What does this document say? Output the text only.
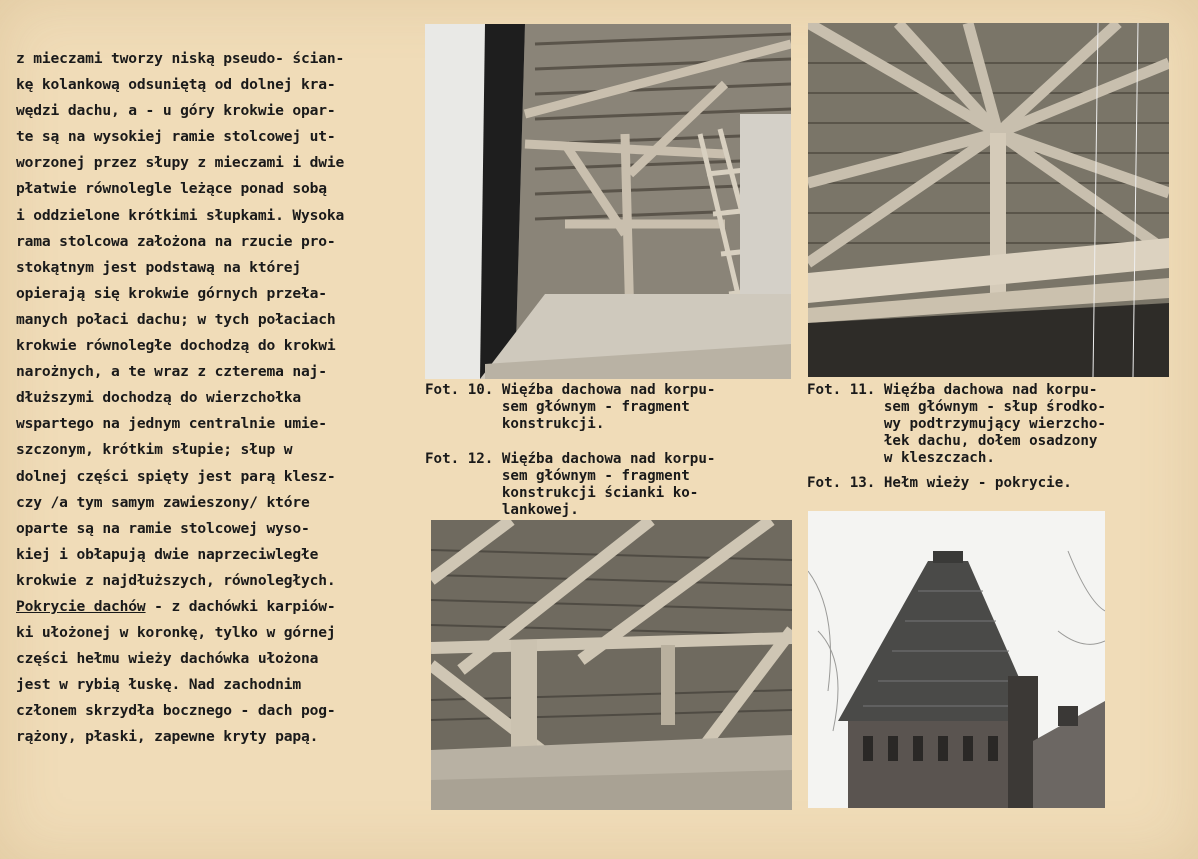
z mieczami tworzy niską pseudo- ścian-
kę kolankową odsuniętą od dolnej kra-
wędzi dachu, a - u góry krokwie opar-
te są na wysokiej ramie stolcowej ut-
worzonej przez słupy z mieczami i dwie
płatwie równolegle leżące ponad sobą
i oddzielone krótkimi słupkami. Wysoka
rama stolcowa założona na rzucie pro-
stokątnym jest podstawą na której
opierają się krokwie górnych przeła-
manych połaci dachu; w tych połaciach
krokwie równoległe dochodzą do krokwi
narożnych, a te wraz z czterema naj-
dłuższymi dochodzą do wierzchołka
wspartego na jednym centralnie umie-
szczonym, krótkim słupie; słup w
dolnej części spięty jest parą klesz-
czy /a tym samym zawieszony/ które
oparte są na ramie stolcowej wyso-
kiej i obłapują dwie naprzeciwległe
krokwie z najdłuższych, równoległych.
Pokrycie dachów - z dachówki karpiów-
ki ułożonej w koronkę, tylko w górnej
części hełmu wieży dachówka ułożona
jest w rybią łuskę. Nad zachodnim
członem skrzydła bocznego - dach pog-
rążony, płaski, zapewne kryty papą.
Fot. 10. Więźba dachowa nad korpu-
sem głównym - fragment
konstrukcji.
Fot. 11. Więźba dachowa nad korpu-
sem głównym - słup środko-
wy podtrzymujący wierzcho-
łek dachu, dołem osadzony
w kleszczach.
Fot. 12. Więźba dachowa nad korpu-
sem głównym - fragment
konstrukcji ścianki ko-
lankowej.
Fot. 13. Hełm wieży - pokrycie.
